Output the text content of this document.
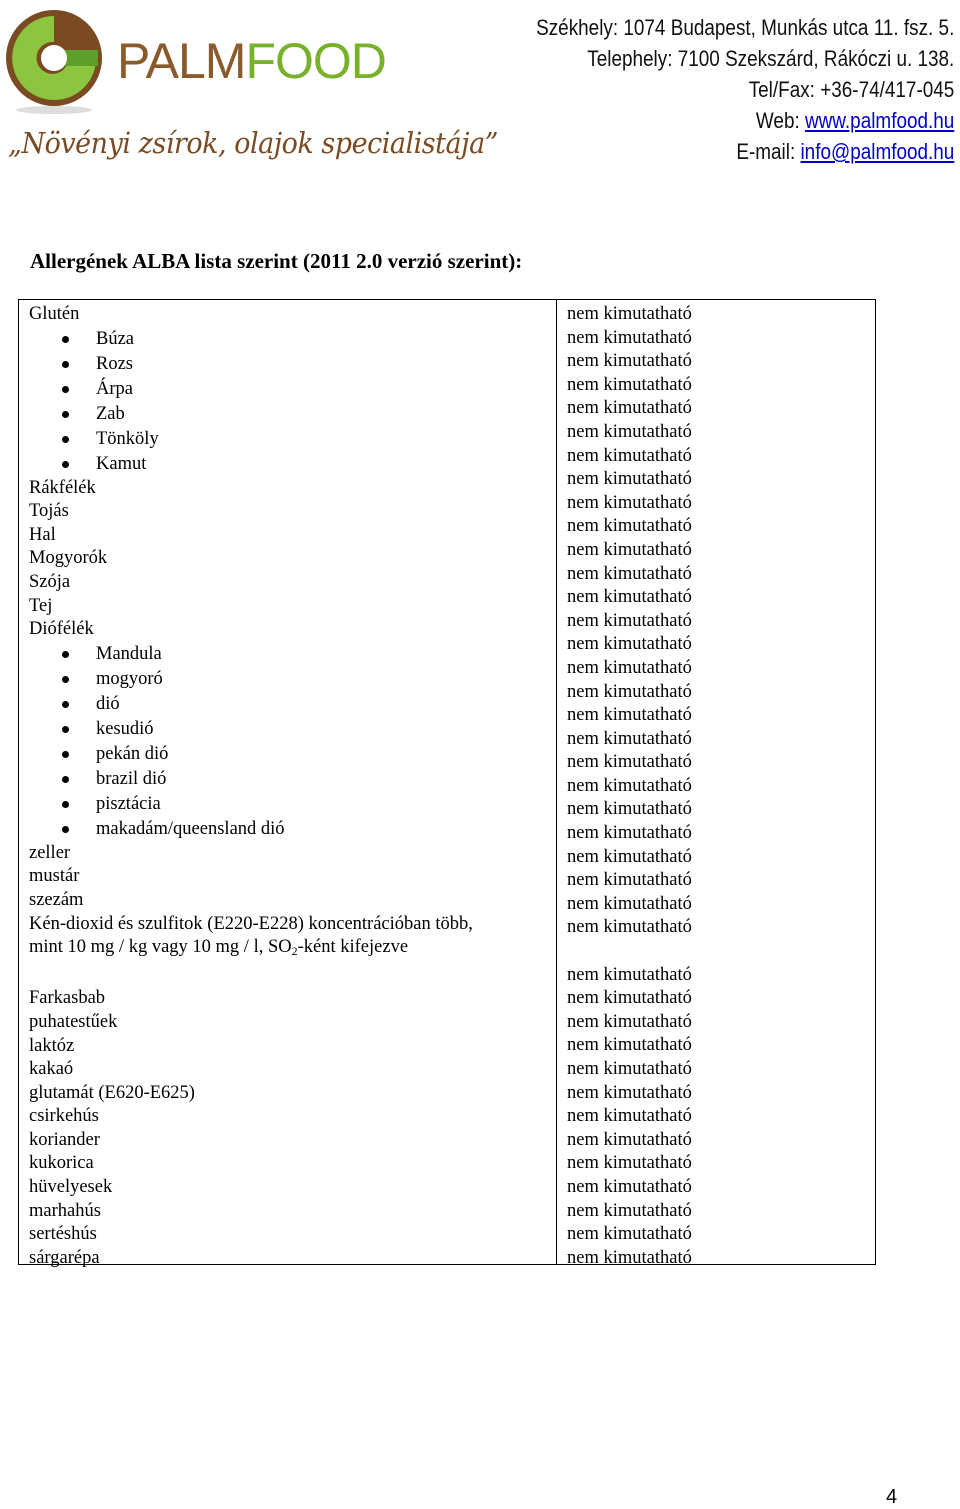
PALMFOOD
„Növényi zsírok, olajok specialistája”
Székhely: 1074 Budapest, Munkás utca 11. fsz. 5.
Telephely: 7100 Szekszárd, Rákóczi u. 138.
Tel/Fax: +36-74/417-045
Web: www.palmfood.hu
E-mail: info@palmfood.hu
Allergének ALBA lista szerint (2011 2.0 verzió szerint):
Glutén
Búza
Rozs
Árpa
Zab
Tönköly
Kamut
Rákfélék
Tojás
Hal
Mogyorók
Szója
Tej
Diófélék
Mandula
mogyoró
dió
kesudió
pekán dió
brazil dió
pisztácia
makadám/queensland dió
zeller
mustár
szezám
Kén-dioxid és szulfitok (E220-E228) koncentrációban több,
mint 10 mg / kg vagy 10 mg / l, $SO_2$-ként kifejezve
Farkasbab
puhatestűek
laktóz
kakaó
glutamát (E620-E625)
csirkehús
koriander
kukorica
hüvelyesek
marhahús
sertéshús
sárgarépa
nem kimutatható
nem kimutatható
nem kimutatható
nem kimutatható
nem kimutatható
nem kimutatható
nem kimutatható
nem kimutatható
nem kimutatható
nem kimutatható
nem kimutatható
nem kimutatható
nem kimutatható
nem kimutatható
nem kimutatható
nem kimutatható
nem kimutatható
nem kimutatható
nem kimutatható
nem kimutatható
nem kimutatható
nem kimutatható
nem kimutatható
nem kimutatható
nem kimutatható
nem kimutatható
nem kimutatható
nem kimutatható
nem kimutatható
nem kimutatható
nem kimutatható
nem kimutatható
nem kimutatható
nem kimutatható
nem kimutatható
nem kimutatható
nem kimutatható
nem kimutatható
nem kimutatható
nem kimutatható
4
